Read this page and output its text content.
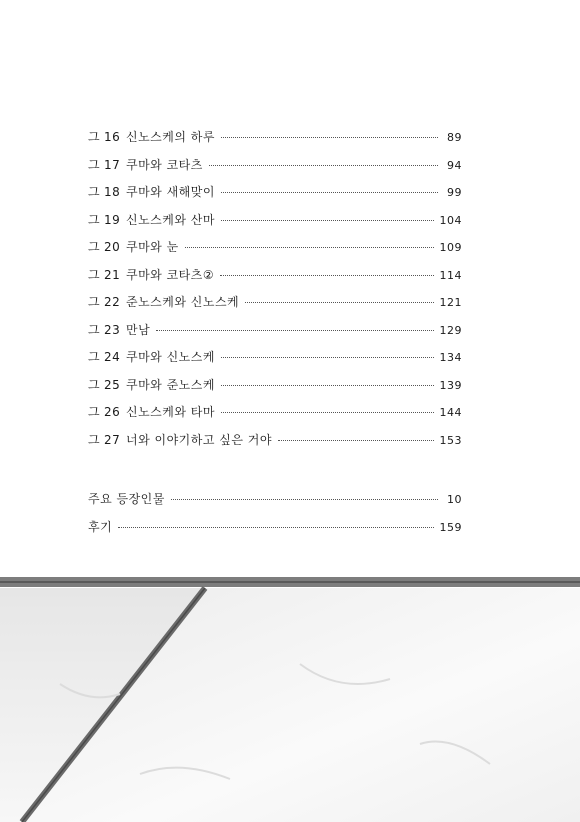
그 16 신노스케의 하루	89
그 17 쿠마와 코타츠	94
그 18 쿠마와 새해맞이	99
그 19 신노스케와 산마	104
그 20 쿠마와 눈	109
그 21 쿠마와 코타츠②	114
그 22 준노스케와 신노스케	121
그 23 만남	129
그 24 쿠마와 신노스케	134
그 25 쿠마와 준노스케	139
그 26 신노스케와 타마	144
그 27 너와 이야기하고 싶은 거야	153
주요 등장인물	10
후기	159
